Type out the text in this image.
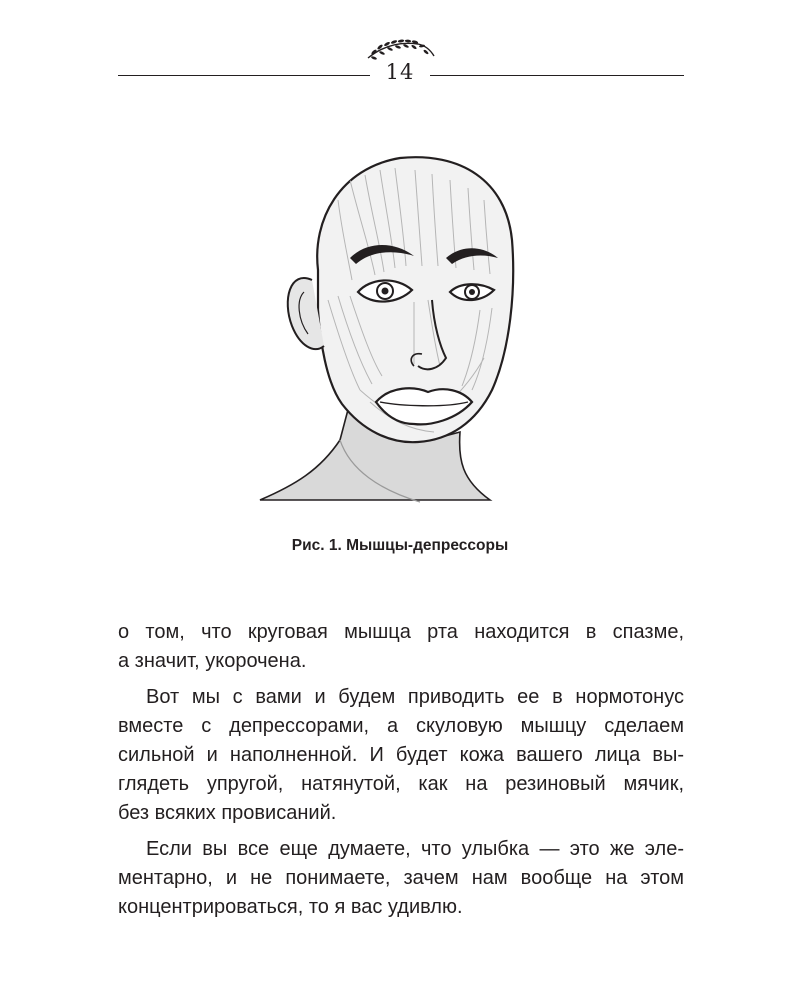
14
Рис. 1. Мышцы-депрессоры
о том, что круговая мышца рта находится в спазме,
а значит, укорочена.
Вот мы с вами и будем приводить ее в нормотонус
вместе с депрессорами, а скуловую мышцу сделаем
сильной и наполненной. И будет кожа вашего лица вы-
глядеть упругой, натянутой, как на резиновый мячик,
без всяких провисаний.
Если вы все еще думаете, что улыбка — это же эле-
ментарно, и не понимаете, зачем нам вообще на этом
концентрироваться, то я вас удивлю.
